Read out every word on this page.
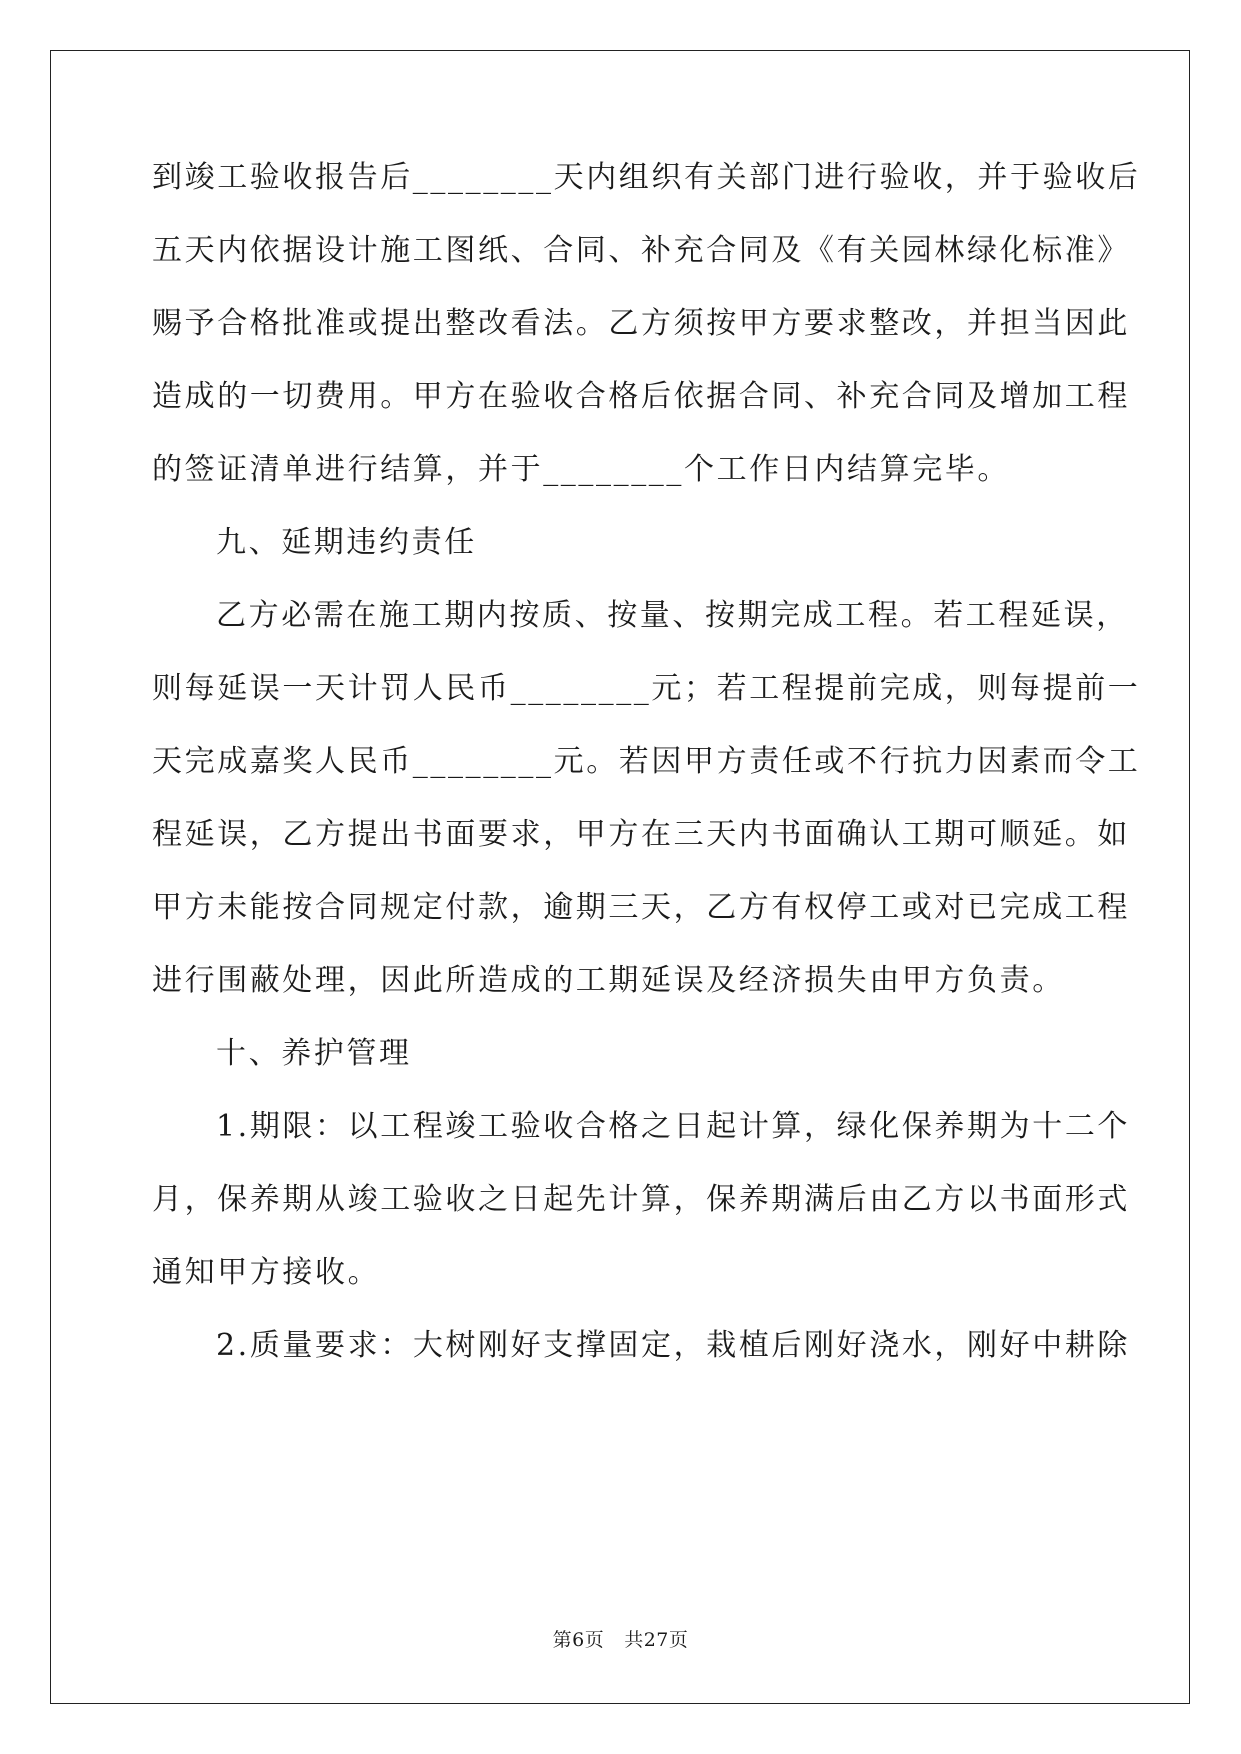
到竣工验收报告后________天内组织有关部门进行验收，并于验收后
五天内依据设计施工图纸、合同、补充合同及《有关园林绿化标准》
赐予合格批准或提出整改看法。乙方须按甲方要求整改，并担当因此
造成的一切费用。甲方在验收合格后依据合同、补充合同及增加工程
的签证清单进行结算，并于________个工作日内结算完毕。
九、延期违约责任
乙方必需在施工期内按质、按量、按期完成工程。若工程延误，
则每延误一天计罚人民币________元；若工程提前完成，则每提前一
天完成嘉奖人民币________元。若因甲方责任或不行抗力因素而令工
程延误，乙方提出书面要求，甲方在三天内书面确认工期可顺延。如
甲方未能按合同规定付款，逾期三天，乙方有权停工或对已完成工程
进行围蔽处理，因此所造成的工期延误及经济损失由甲方负责。
十、养护管理
1.期限：以工程竣工验收合格之日起计算，绿化保养期为十二个
月，保养期从竣工验收之日起先计算，保养期满后由乙方以书面形式
通知甲方接收。
2.质量要求：大树刚好支撑固定，栽植后刚好浇水，刚好中耕除
第6页 共27页
